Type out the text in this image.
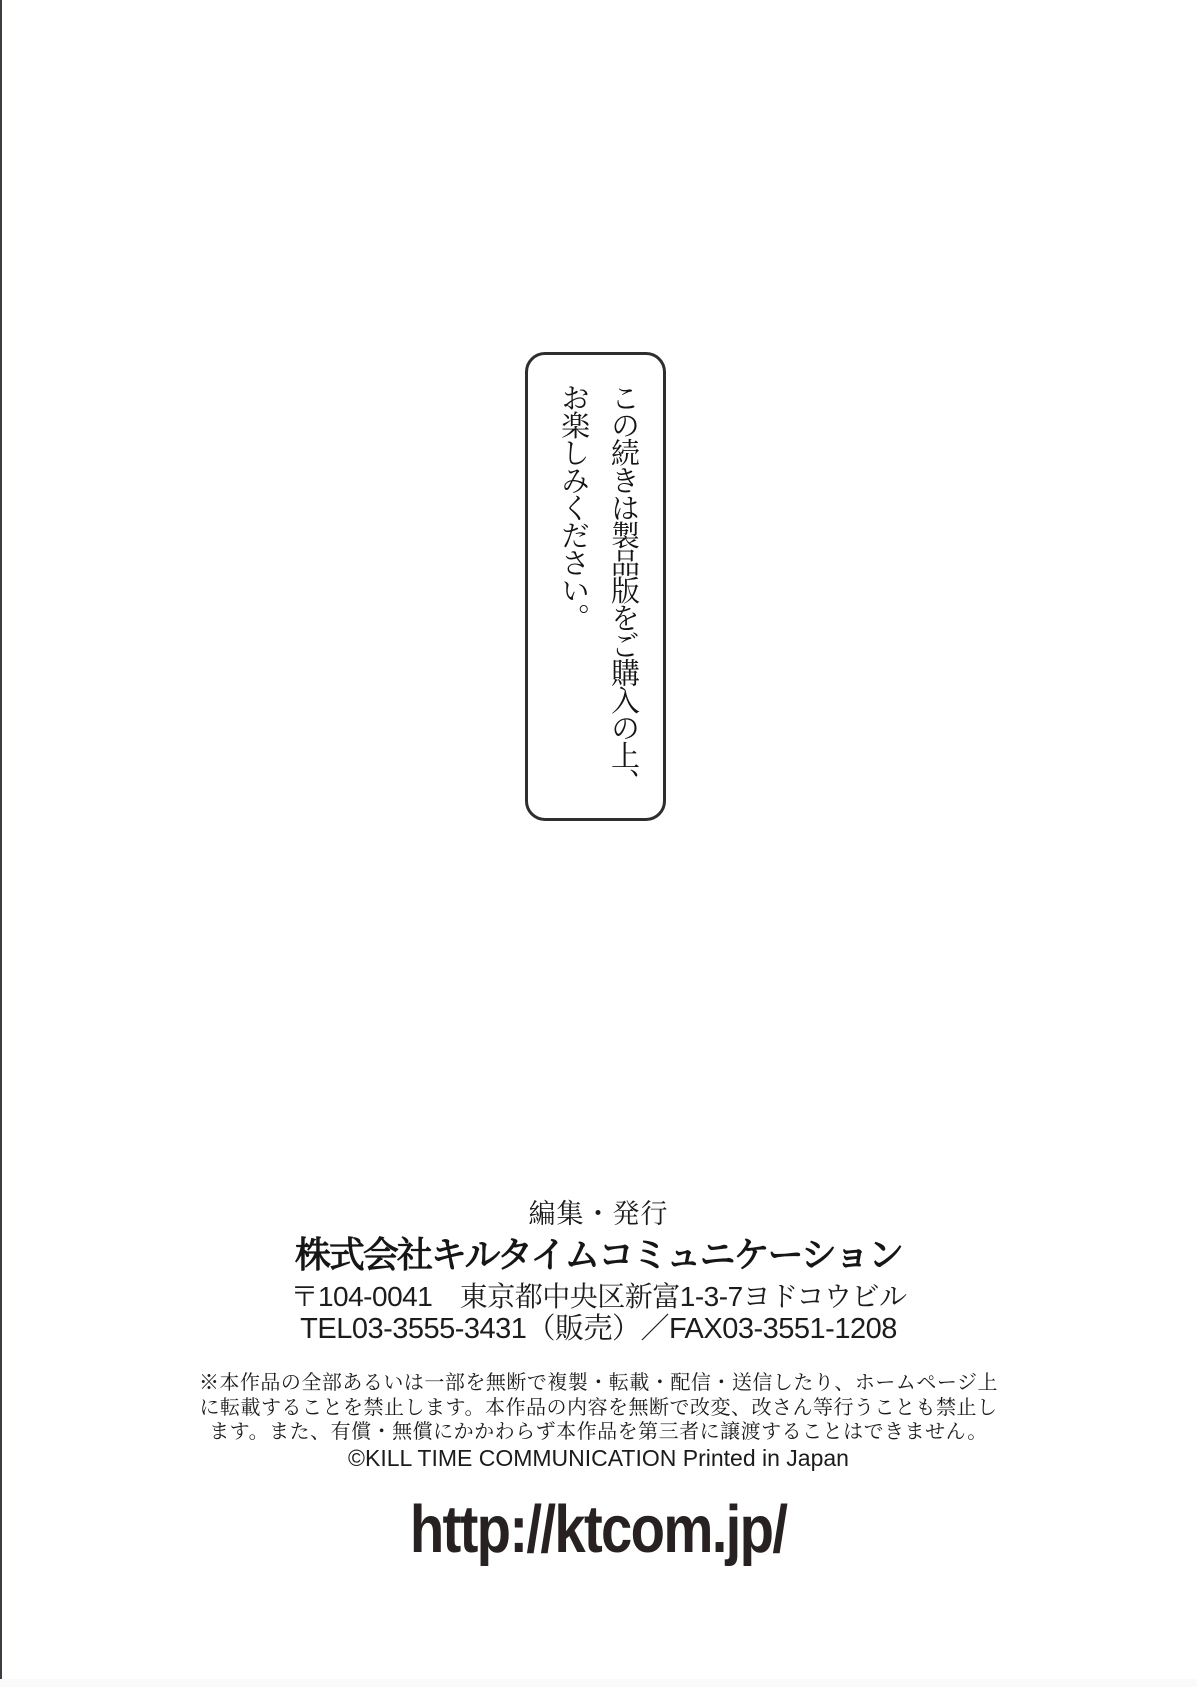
この続きは製品版をご購入の上、
お楽しみください。
編集・発行
株式会社キルタイムコミュニケーション
〒104-0041　東京都中央区新富1-3-7ヨドコウビル
TEL03-3555-3431（販売）／FAX03-3551-1208
※本作品の全部あるいは一部を無断で複製・転載・配信・送信したり、ホームページ上
に転載することを禁止します。本作品の内容を無断で改変、改さん等行うことも禁止し
ます。また、有償・無償にかかわらず本作品を第三者に譲渡することはできません。
©KILL TIME COMMUNICATION Printed in Japan
http://ktcom.jp/
